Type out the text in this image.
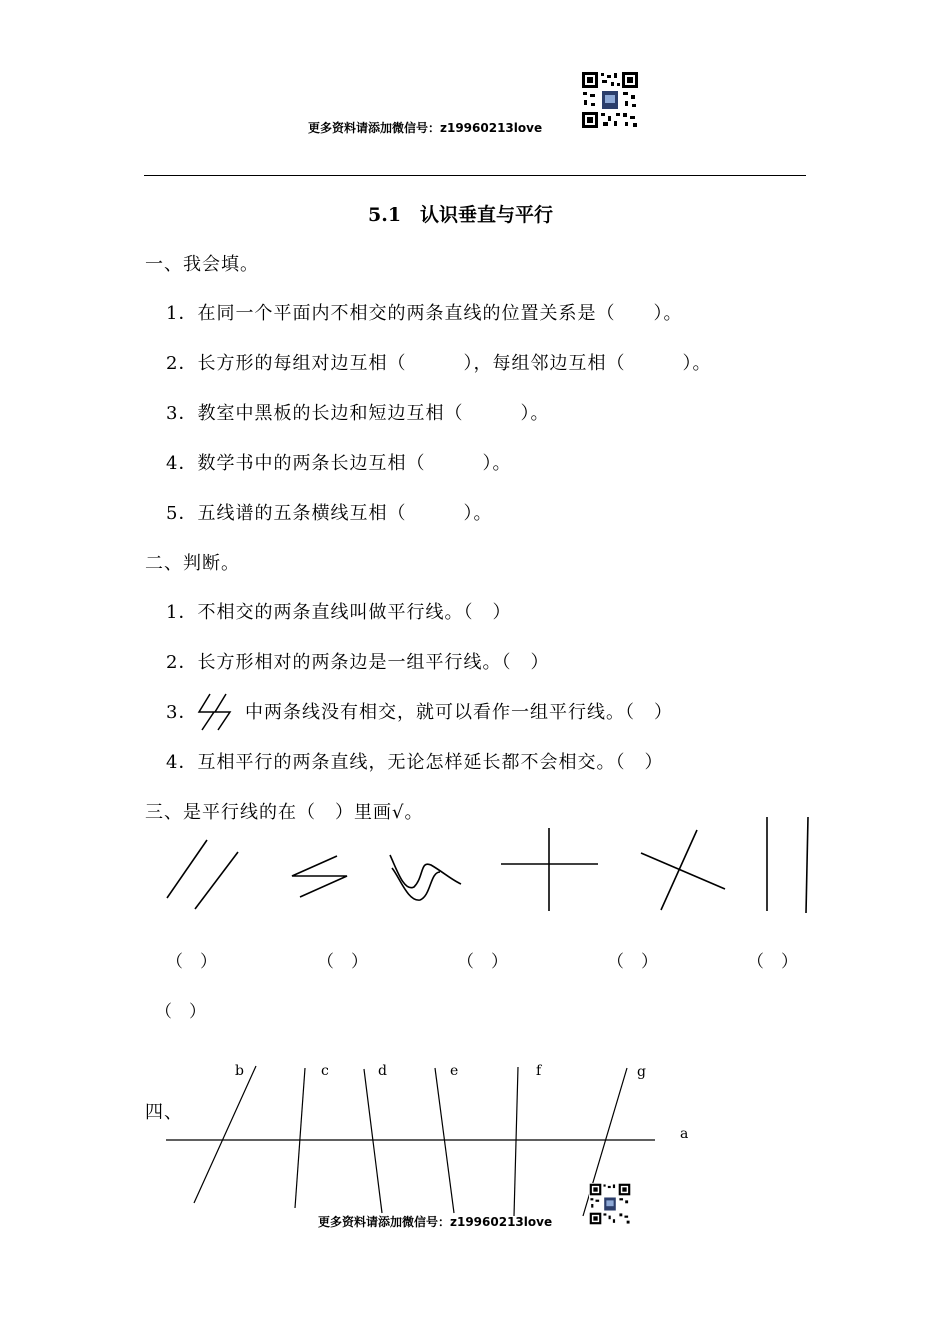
更多资料请添加微信号：z19960213love
5.1　认识垂直与平行
一、我会填。
1．在同一个平面内不相交的两条直线的位置关系是（　　）。
2．长方形的每组对边互相（　　　），每组邻边互相（　　　）。
3．教室中黑板的长边和短边互相（　　　）。
4．数学书中的两条长边互相（　　　）。
5．五线谱的五条横线互相（　　　）。
二、判断。
1．不相交的两条直线叫做平行线。（　）
2．长方形相对的两条边是一组平行线。（　）
3．	中两条线没有相交，就可以看作一组平行线。（　）
4．互相平行的两条直线，无论怎样延长都不会相交。（　）
三、是平行线的在（　）里画√。
（　）	（　）	（　）	（　）	（　）
（　）
四、
b	c	d	e	f	g
a
更多资料请添加微信号：z19960213love
